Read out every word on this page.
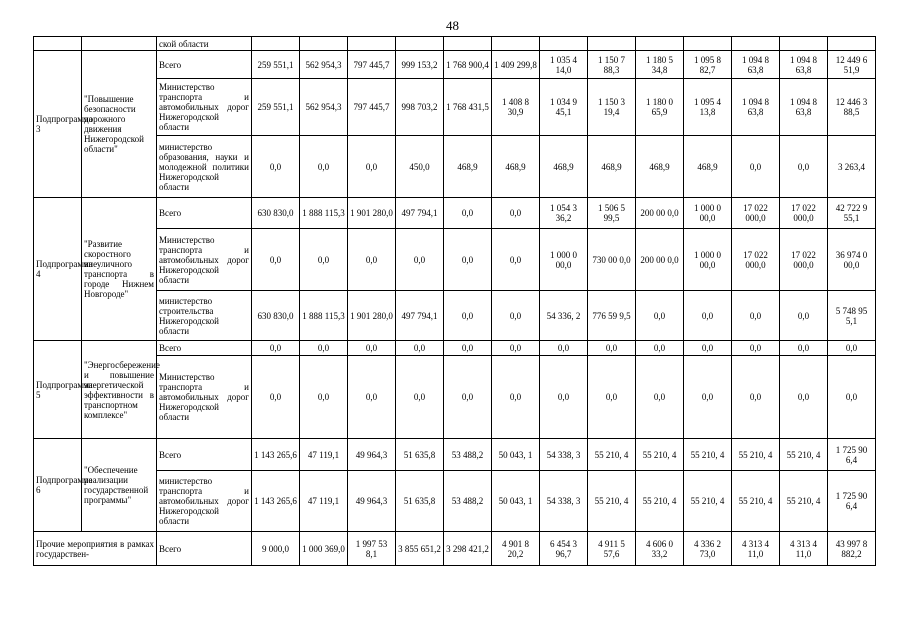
48
		ской области													
Подпрограмма 3	"Повышение безопасности дорожного движения Нижегородской области"	Всего	259 551,1	562 954,3	797 445,7	999 153,2	1 768 900,4	1 409 299,8	1 035 4 14,0	1 150 7 88,3	1 180 5 34,8	1 095 8 82,7	1 094 8 63,8	1 094 8 63,8	12 449 6 51,9
		Министерство транспорта и автомобильных дорог Нижегородской области	259 551,1	562 954,3	797 445,7	998 703,2	1 768 431,5	1 408 8 30,9	1 034 9 45,1	1 150 3 19,4	1 180 0 65,9	1 095 4 13,8	1 094 8 63,8	1 094 8 63,8	12 446 3 88,5
		министерство образования, науки и молодежной политики Нижегородской области	0,0	0,0	0,0	450,0	468,9	468,9	468,9	468,9	468,9	468,9	0,0	0,0	3 263,4
Подпрограмма 4	"Развитие скоростного внеуличного транспорта в городе Нижнем Новгороде"	Всего	630 830,0	1 888 115,3	1 901 280,0	497 794,1	0,0	0,0	1 054 3 36,2	1 506 5 99,5	200 00 0,0	1 000 0 00,0	17 022 000,0	17 022 000,0	42 722 9 55,1
		Министерство транспорта и автомобильных дорог Нижегородской области	0,0	0,0	0,0	0,0	0,0	0,0	1 000 0 00,0	730 00 0,0	200 00 0,0	1 000 0 00,0	17 022 000,0	17 022 000,0	36 974 0 00,0
		министерство строительства Нижегородской области	630 830,0	1 888 115,3	1 901 280,0	497 794,1	0,0	0,0	54 336, 2	776 59 9,5	0,0	0,0	0,0	0,0	5 748 95 5,1
Подпрограмма 5	"Энергосбережение и повышение энергетической эффективности в транспортном комплексе"	Всего	0,0	0,0	0,0	0,0	0,0	0,0	0,0	0,0	0,0	0,0	0,0	0,0	0,0
		Министерство транспорта и автомобильных дорог Нижегородской области	0,0	0,0	0,0	0,0	0,0	0,0	0,0	0,0	0,0	0,0	0,0	0,0	0,0
Подпрограмма 6	"Обеспечение реализации государственной программы"	Всего	1 143 265,6	47 119,1	49 964,3	51 635,8	53 488,2	50 043, 1	54 338, 3	55 210, 4	55 210, 4	55 210, 4	55 210, 4	55 210, 4	1 725 90 6,4
		министерство транспорта и автомобильных дорог Нижегородской области	1 143 265,6	47 119,1	49 964,3	51 635,8	53 488,2	50 043, 1	54 338, 3	55 210, 4	55 210, 4	55 210, 4	55 210, 4	55 210, 4	1 725 90 6,4
Прочие мероприятия в рамках государствен-		Всего	9 000,0	1 000 369,0	1 997 53 8,1	3 855 651,2	3 298 421,2	4 901 8 20,2	6 454 3 96,7	4 911 5 57,6	4 606 0 33,2	4 336 2 73,0	4 313 4 11,0	4 313 4 11,0	43 997 8 882,2
